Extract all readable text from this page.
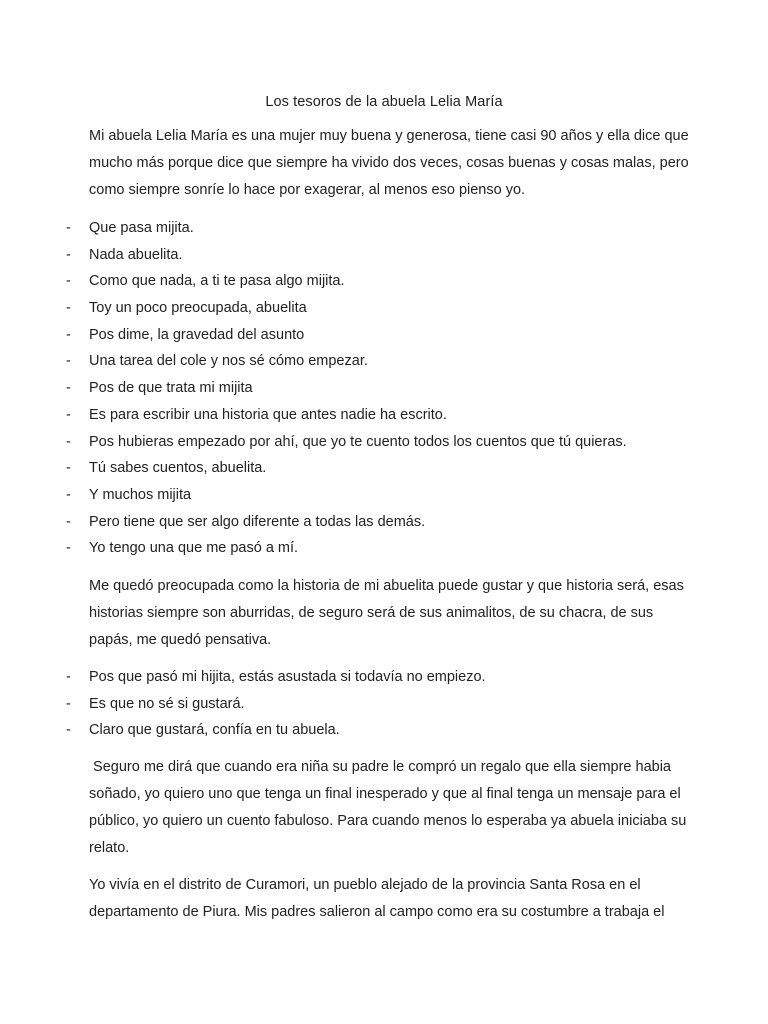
Los tesoros de la abuela Lelia María

Mi abuela Lelia María es una mujer muy buena y generosa, tiene casi 90 años y ella dice que mucho más porque dice que siempre ha vivido dos veces, cosas buenas y cosas malas, pero como siempre sonríe lo hace por exagerar, al menos eso pienso yo.

- Que pasa mijita.
- Nada abuelita.
- Como que nada, a ti te pasa algo mijita.
- Toy un poco preocupada, abuelita
- Pos dime, la gravedad del asunto
- Una tarea del cole y nos sé cómo empezar.
- Pos de que trata mi mijita
- Es para escribir una historia que antes nadie ha escrito.
- Pos hubieras empezado por ahí, que yo te cuento todos los cuentos que tú quieras.
- Tú sabes cuentos, abuelita.
- Y muchos mijita
- Pero tiene que ser algo diferente a todas las demás.
- Yo tengo una que me pasó a mí.

Me quedó preocupada como la historia de mi abuelita puede gustar y que historia será, esas historias siempre son aburridas, de seguro será de sus animalitos, de su chacra, de sus papás, me quedó pensativa.

- Pos que pasó mi hijita, estás asustada si todavía no empiezo.
- Es que no sé si gustará.
- Claro que gustará, confía en tu abuela.

Seguro me dirá que cuando era niña su padre le compró un regalo que ella siempre habia soñado, yo quiero uno que tenga un final inesperado y que al final tenga un mensaje para el público, yo quiero un cuento fabuloso. Para cuando menos lo esperaba ya abuela iniciaba su relato.

Yo vivía en el distrito de Curamori, un pueblo alejado de la provincia Santa Rosa en el departamento de Piura. Mis padres salieron al campo como era su costumbre a trabaja el
